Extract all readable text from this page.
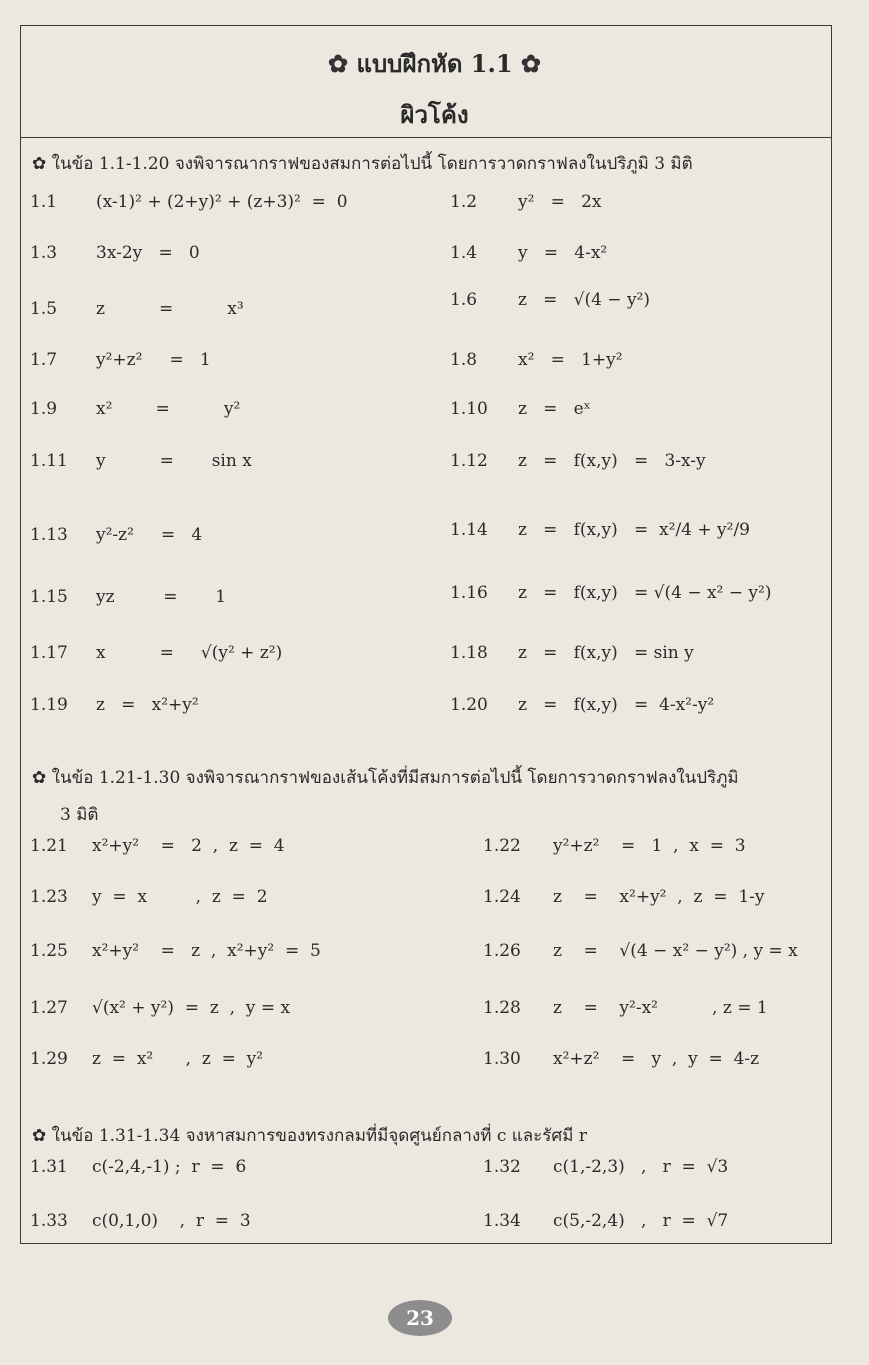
✿ แบบฝึกหัด 1.1 ✿
ผิวโค้ง
✿ ในข้อ 1.1-1.20 จงพิจารณากราฟของสมการต่อไปนี้ โดยการวาดกราฟลงในปริภูมิ 3 มิติ
✿ ในข้อ 1.21-1.30 จงพิจารณากราฟของเส้นโค้งที่มีสมการต่อไปนี้ โดยการวาดกราฟลงในปริภูมิ
3 มิติ
✿ ในข้อ 1.31-1.34 จงหาสมการของทรงกลมที่มีจุดศูนย์กลางที่ c และรัศมี r
1.1 (x-1)² + (2+y)² + (z+3)²  =  0	1.2 y²   =   2x
1.3 3x-2y   =   0	1.4 y   =   4-x²
1.5 z          =          x³	1.6 z   =   √(4 − y²)
1.7 y²+z²     =   1	1.8 x²   =   1+y²
1.9 x²        =          y²	1.10 z   =   eˣ
1.11 y          =       sin x	1.12 z   =   f(x,y)   =   3-x-y
1.13 y²-z²     =   4	1.14 z   =   f(x,y)   =  x²/4 + y²/9
1.15 yz         =       1	1.16 z   =   f(x,y)   = √(4 − x² − y²)
1.17 x          =     √(y² + z²)	1.18 z   =   f(x,y)   = sin y
1.19 z   =   x²+y²	1.20 z   =   f(x,y)   =  4-x²-y²
1.21 x²+y²    =   2  ,  z  =  4	1.22 y²+z²    =   1  ,  x  =  3
1.23 y  =  x         ,  z  =  2	1.24 z    =    x²+y²  ,  z  =  1-y
1.25 x²+y²    =   z  ,  x²+y²  =  5	1.26 z    =    √(4 − x² − y²) , y = x
1.27 √(x² + y²)  =  z  ,  y = x	1.28 z    =    y²-x²          , z = 1
1.29 z  =  x²      ,  z  =  y²	1.30 x²+z²    =   y  ,  y  =  4-z
1.31 c(-2,4,-1) ;  r  =  6	1.32 c(1,-2,3)   ,   r  =  √3
1.33 c(0,1,0)    ,  r  =  3	1.34 c(5,-2,4)   ,   r  =  √7
23
